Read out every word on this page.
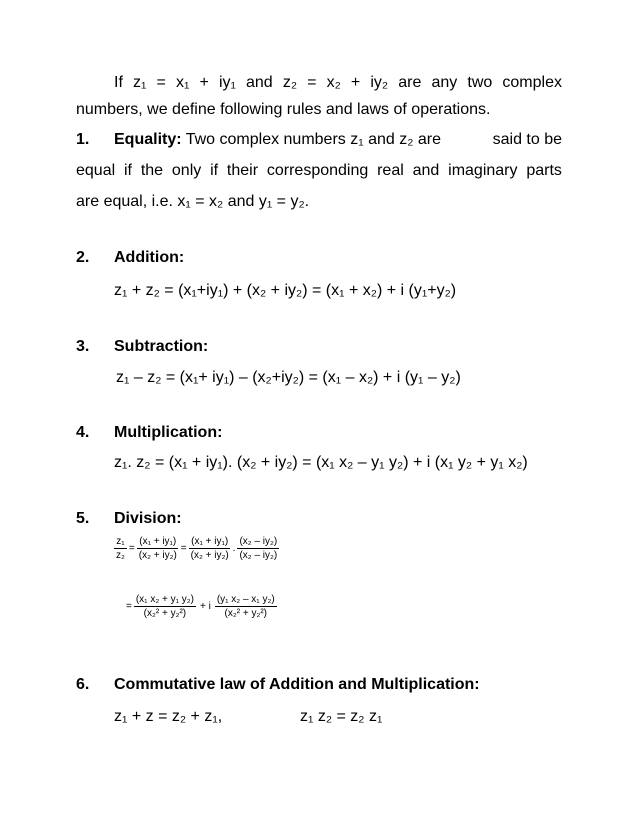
If z₁ = x₁ + iy₁ and z₂ = x₂ + iy₂ are any two complex
numbers, we define following rules and laws of operations.
1. Equality: Two complex numbers z₁ and z₂ are	said to be
equal if the only if their corresponding real and imaginary parts
are equal, i.e. x₁ = x₂ and y₁ = y₂.
2. Addition:
z₁ + z₂ = (x₁+iy₁) + (x₂ + iy₂) = (x₁ + x₂) + i (y₁+y₂)
3. Subtraction:
z₁ – z₂ = (x₁+ iy₁) – (x₂+iy₂) = (x₁ – x₂) + i (y₁ – y₂)
4. Multiplication:
z₁. z₂ = (x₁ + iy₁). (x₂ + iy₂) = (x₁ x₂ – y₁ y₂) + i (x₁ y₂ + y₁ x₂)
5. Division:
$\frac{\text{z₁}}{\text{z₂}} = \frac{\text{(x₁ + iy₁)}}{\text{(x₂ + iy₂)}} = \frac{\text{(x₁ + iy₁)}}{\text{(x₂ + iy₂)}}$ . $\frac{\text{(x₂ – iy₂)}}{\text{(x₂ – iy₂)}}$
= $\frac{\text{(x₁ x₂ + y₁ y₂)}}{\text{(x₂² + y₂²)}} + i \frac{\text{(y₁ x₂ – x₁ y₂)}}{\text{(x₂² + y₂²)}}$
6. Commutative law of Addition and Multiplication:
z₁ + z = z₂ + z₁,	z₁ z₂ = z₂ z₁
